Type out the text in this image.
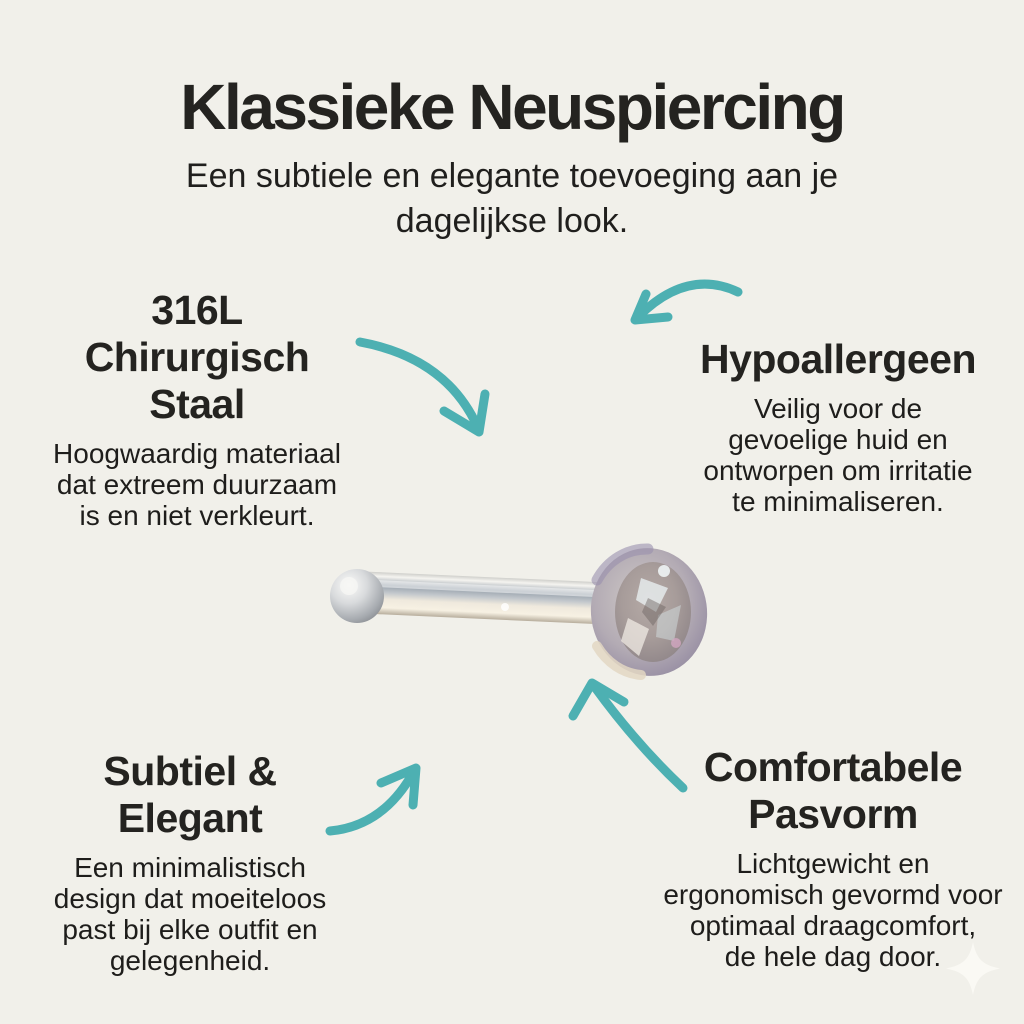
Klassieke Neuspiercing

Een subtiele en elegante toevoeging aan je
dagelijkse look.

316L
Chirurgisch
Staal

Hoogwaardig materiaal
dat extreem duurzaam
is en niet verkleurt.

Hypoallergeen

Veilig voor de
gevoelige huid en
ontworpen om irritatie
te minimaliseren.

Subtiel &
Elegant

Een minimalistisch
design dat moeiteloos
past bij elke outfit en
gelegenheid.

Comfortabele
Pasvorm

Lichtgewicht en
ergonomisch gevormd voor
optimaal draagcomfort,
de hele dag door.
